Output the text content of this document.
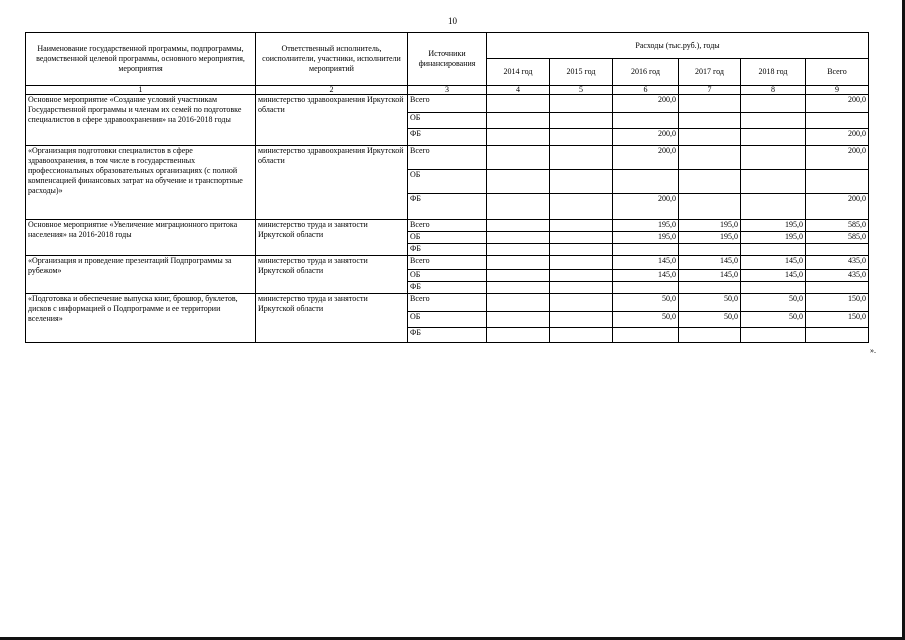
10
Наименование государственной программы, подпрограммы, ведомственной целевой программы, основного мероприятия, мероприятия	Ответственный исполнитель, соисполнители, участники, исполнители мероприятий	Источники финансирования	Расходы (тыс.руб.), годы					
			2014 год	2015 год	2016 год	2017 год	2018 год	Всего
1	2	3	4	5	6	7	8	9
Основное мероприятие «Создание условий участникам Государственной программы и членам их семей по подготовке специалистов в сфере здравоохранения» на 2016-2018 годы	министерство здравоохранения Иркутской области	Всего			200,0			200,0
		ОБ						
		ФБ			200,0			200,0
«Организация подготовки специалистов в сфере здравоохранения, в том числе в государственных профессиональных образовательных организациях (с полной компенсацией финансовых затрат на обучение и транспортные расходы)»	министерство здравоохранения Иркутской области	Всего			200,0			200,0
		ОБ						
		ФБ			200,0			200,0
Основное мероприятие «Увеличение миграционного притока населения» на 2016-2018 годы	министерство труда и занятости Иркутской области	Всего			195,0	195,0	195,0	585,0
		ОБ			195,0	195,0	195,0	585,0
		ФБ						
«Организация и проведение презентаций Подпрограммы за рубежом»	министерство труда и занятости Иркутской области	Всего			145,0	145,0	145,0	435,0
		ОБ			145,0	145,0	145,0	435,0
		ФБ						
«Подготовка и обеспечение выпуска книг, брошюр, буклетов, дисков с информацией о Подпрограмме и ее территории вселения»	министерство труда и занятости Иркутской области	Всего			50,0	50,0	50,0	150,0
		ОБ			50,0	50,0	50,0	150,0
		ФБ						
».
